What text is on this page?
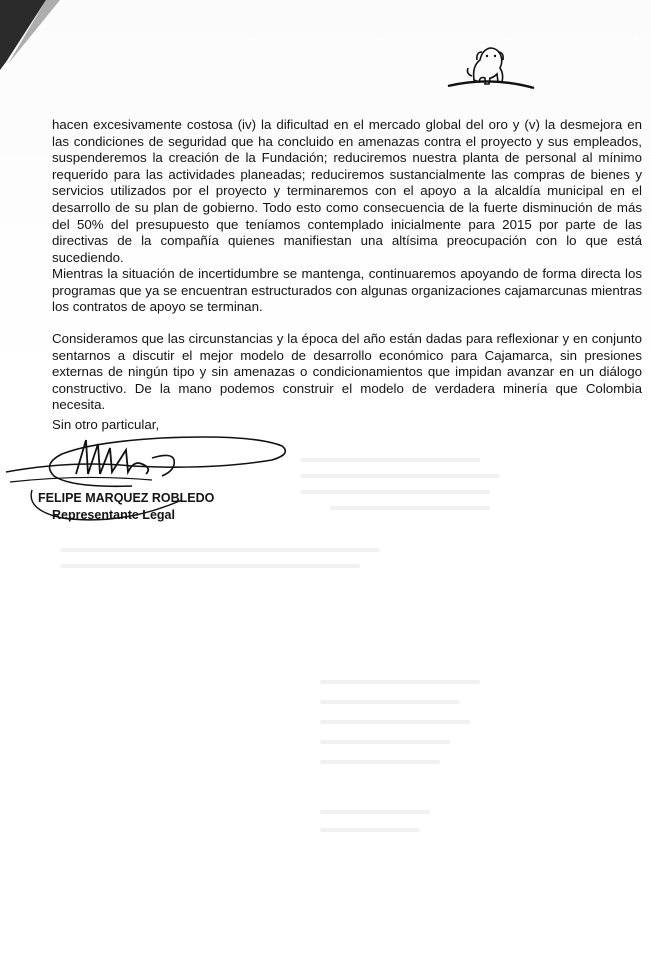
hacen excesivamente costosa (iv) la dificultad en el mercado global del oro y (v) la desmejora en las condiciones de seguridad que ha concluido en amenazas contra el proyecto y sus empleados, suspenderemos la creación de la Fundación; reduciremos nuestra planta de personal al mínimo requerido para las actividades planeadas; reduciremos sustancialmente las compras de bienes y servicios utilizados por el proyecto y terminaremos con el apoyo a la alcaldía municipal en el desarrollo de su plan de gobierno. Todo esto como consecuencia de la fuerte disminución de más del 50% del presupuesto que teníamos contemplado inicialmente para 2015 por parte de las directivas de la compañía quienes manifiestan una altísima preocupación con lo que está sucediendo.
Mientras la situación de incertidumbre se mantenga, continuaremos apoyando de forma directa los programas que ya se encuentran estructurados con algunas organizaciones cajamarcunas mientras los contratos de apoyo se terminan.
Consideramos que las circunstancias y la época del año están dadas para reflexionar y en conjunto sentarnos a discutir el mejor modelo de desarrollo económico para Cajamarca, sin presiones externas de ningún tipo y sin amenazas o condicionamientos que impidan avanzar en un diálogo constructivo. De la mano podemos construir el modelo de verdadera minería que Colombia necesita.
Sin otro particular,
FELIPE MARQUEZ ROBLEDO
Representante Legal
